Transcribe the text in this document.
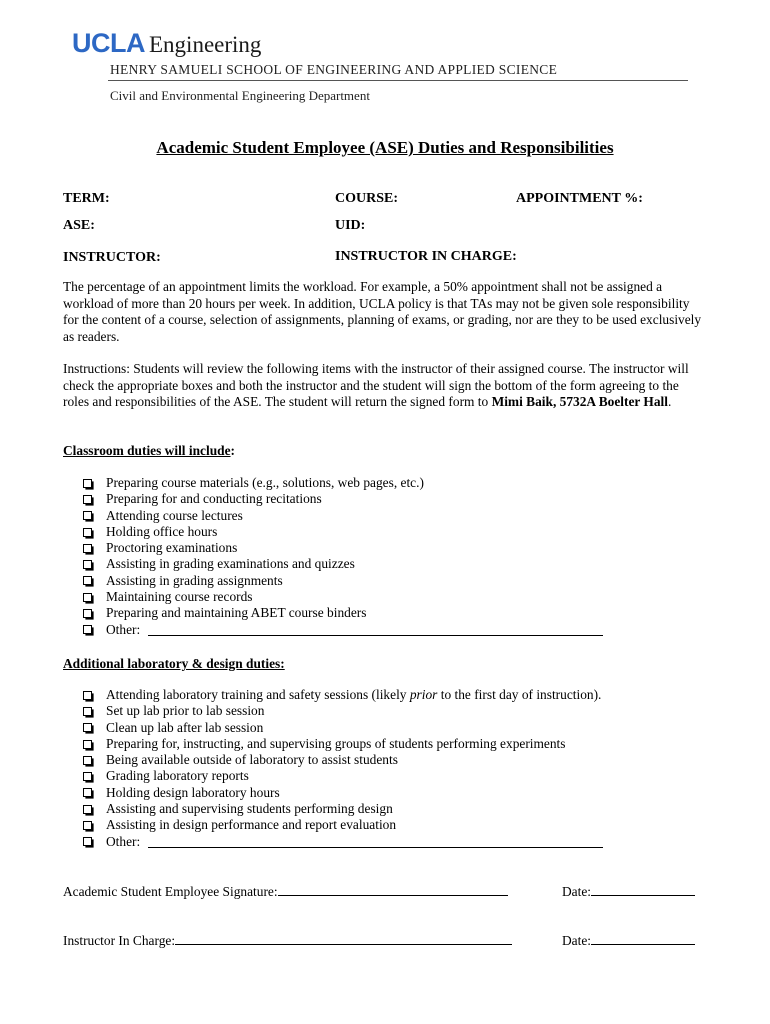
UCLA Engineering
HENRY SAMUELI SCHOOL OF ENGINEERING AND APPLIED SCIENCE
Civil and Environmental Engineering Department
Academic Student Employee (ASE) Duties and Responsibilities
TERM:	COURSE:	APPOINTMENT %:
ASE:	UID:
INSTRUCTOR:	INSTRUCTOR IN CHARGE:
The percentage of an appointment limits the workload. For example, a 50% appointment shall not be assigned a workload of more than 20 hours per week. In addition, UCLA policy is that TAs may not be given sole responsibility for the content of a course, selection of assignments, planning of exams, or grading, nor are they to be used exclusively as readers.
Instructions: Students will review the following items with the instructor of their assigned course. The instructor will check the appropriate boxes and both the instructor and the student will sign the bottom of the form agreeing to the roles and responsibilities of the ASE. The student will return the signed form to Mimi Baik, 5732A Boelter Hall.
Classroom duties will include:
Preparing course materials (e.g., solutions, web pages, etc.)
Preparing for and conducting recitations
Attending course lectures
Holding office hours
Proctoring examinations
Assisting in grading examinations and quizzes
Assisting in grading assignments
Maintaining course records
Preparing and maintaining ABET course binders
Other:
Additional laboratory & design duties:
Attending laboratory training and safety sessions (likely
prior
to the first day of instruction).
Set up lab prior to lab session
Clean up lab after lab session
Preparing for, instructing, and supervising groups of students performing experiments
Being available outside of laboratory to assist students
Grading laboratory reports
Holding design laboratory hours
Assisting and supervising students performing design
Assisting in design performance and report evaluation
Other:
Academic Student Employee Signature:	Date:
Instructor In Charge:	Date:
